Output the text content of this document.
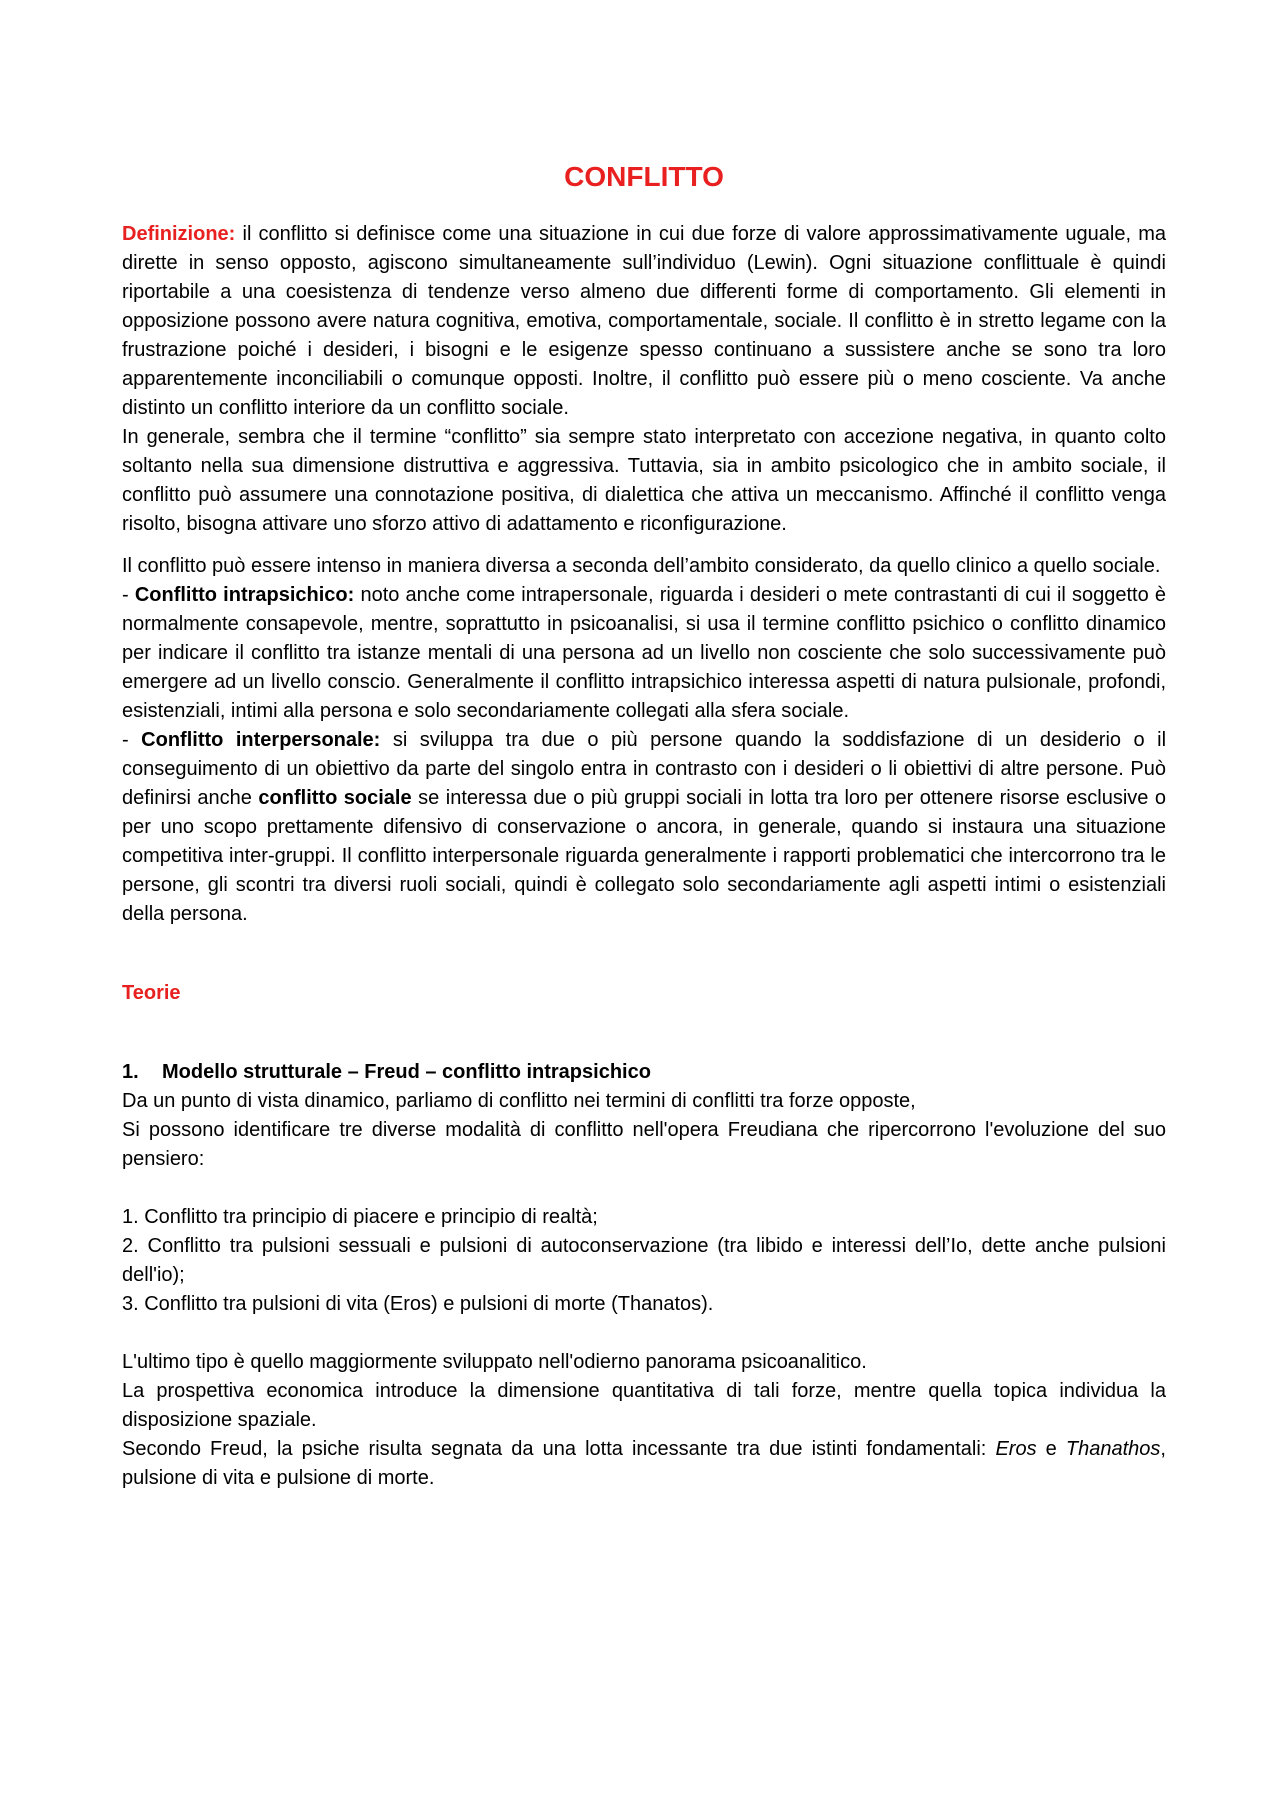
CONFLITTO

Definizione: il conflitto si definisce come una situazione in cui due forze di valore approssimativamente uguale, ma dirette in senso opposto, agiscono simultaneamente sull’individuo (Lewin). Ogni situazione conflittuale è quindi riportabile a una coesistenza di tendenze verso almeno due differenti forme di comportamento. Gli elementi in opposizione possono avere natura cognitiva, emotiva, comportamentale, sociale. Il conflitto è in stretto legame con la frustrazione poiché i desideri, i bisogni e le esigenze spesso continuano a sussistere anche se sono tra loro apparentemente inconciliabili o comunque opposti. Inoltre, il conflitto può essere più o meno cosciente. Va anche distinto un conflitto interiore da un conflitto sociale.

In generale, sembra che il termine “conflitto” sia sempre stato interpretato con accezione negativa, in quanto colto soltanto nella sua dimensione distruttiva e aggressiva. Tuttavia, sia in ambito psicologico che in ambito sociale, il conflitto può assumere una connotazione positiva, di dialettica che attiva un meccanismo. Affinché il conflitto venga risolto, bisogna attivare uno sforzo attivo di adattamento e riconfigurazione.

Il conflitto può essere intenso in maniera diversa a seconda dell’ambito considerato, da quello clinico a quello sociale.

- Conflitto intrapsichico: noto anche come intrapersonale, riguarda i desideri o mete contrastanti di cui il soggetto è normalmente consapevole, mentre, soprattutto in psicoanalisi, si usa il termine conflitto psichico o conflitto dinamico per indicare il conflitto tra istanze mentali di una persona ad un livello non cosciente che solo successivamente può emergere ad un livello conscio. Generalmente il conflitto intrapsichico interessa aspetti di natura pulsionale, profondi, esistenziali, intimi alla persona e solo secondariamente collegati alla sfera sociale.

- Conflitto interpersonale: si sviluppa tra due o più persone quando la soddisfazione di un desiderio o il conseguimento di un obiettivo da parte del singolo entra in contrasto con i desideri o li obiettivi di altre persone. Può definirsi anche conflitto sociale se interessa due o più gruppi sociali in lotta tra loro per ottenere risorse esclusive o per uno scopo prettamente difensivo di conservazione o ancora, in generale, quando si instaura una situazione competitiva inter-gruppi. Il conflitto interpersonale riguarda generalmente i rapporti problematici che intercorrono tra le persone, gli scontri tra diversi ruoli sociali, quindi è collegato solo secondariamente agli aspetti intimi o esistenziali della persona.

Teorie

1. Modello strutturale – Freud – conflitto intrapsichico

Da un punto di vista dinamico, parliamo di conflitto nei termini di conflitti tra forze opposte,

Si possono identificare tre diverse modalità di conflitto nell'opera Freudiana che ripercorrono l'evoluzione del suo pensiero:

1. Conflitto tra principio di piacere e principio di realtà;

2. Conflitto tra pulsioni sessuali e pulsioni di autoconservazione (tra libido e interessi dell’Io, dette anche pulsioni dell'io);

3. Conflitto tra pulsioni di vita (Eros) e pulsioni di morte (Thanatos).

L'ultimo tipo è quello maggiormente sviluppato nell'odierno panorama psicoanalitico.

La prospettiva economica introduce la dimensione quantitativa di tali forze, mentre quella topica individua la disposizione spaziale.

Secondo Freud, la psiche risulta segnata da una lotta incessante tra due istinti fondamentali: Eros e Thanathos, pulsione di vita e pulsione di morte.
